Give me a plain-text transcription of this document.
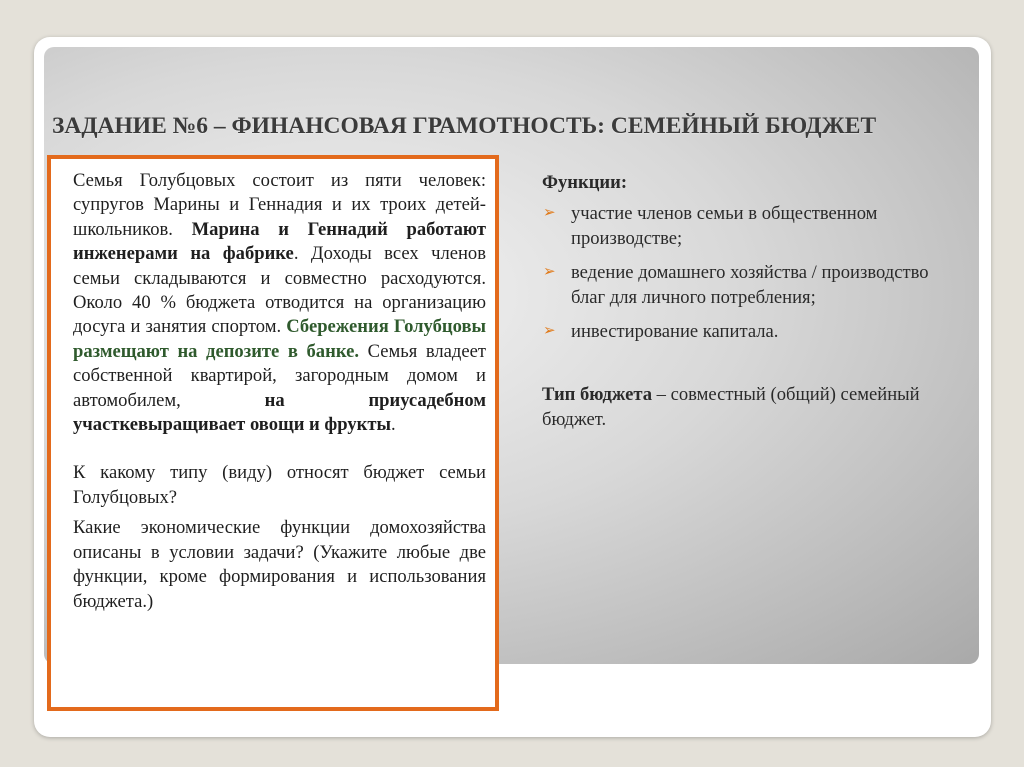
ЗАДАНИЕ №6 – ФИНАНСОВАЯ ГРАМОТНОСТЬ: СЕМЕЙНЫЙ БЮДЖЕТ

Семья Голубцовых состоит из пяти человек: супругов Марины и Геннадия и их троих детей-школьников. Марина и Геннадий работают инженерами на фабрике. Доходы всех членов семьи складываются и совместно расходуются. Около 40 % бюджета отводится на организацию досуга и занятия спортом. Сбережения Голубцовы размещают на депозите в банке. Семья владеет собственной квартирой, загородным домом и автомобилем, на приусадебном участкевыращивает овощи и фрукты.

К какому типу (виду) относят бюджет семьи Голубцовых?

Какие экономические функции домохозяйства описаны в условии задачи? (Укажите любые две функции, кроме формирования и использования бюджета.)

Функции:

➢ участие членов семьи в общественном производстве;
➢ ведение домашнего хозяйства / производство благ для личного потребления;
➢ инвестирование капитала.

Тип бюджета – совместный (общий) семейный бюджет.
